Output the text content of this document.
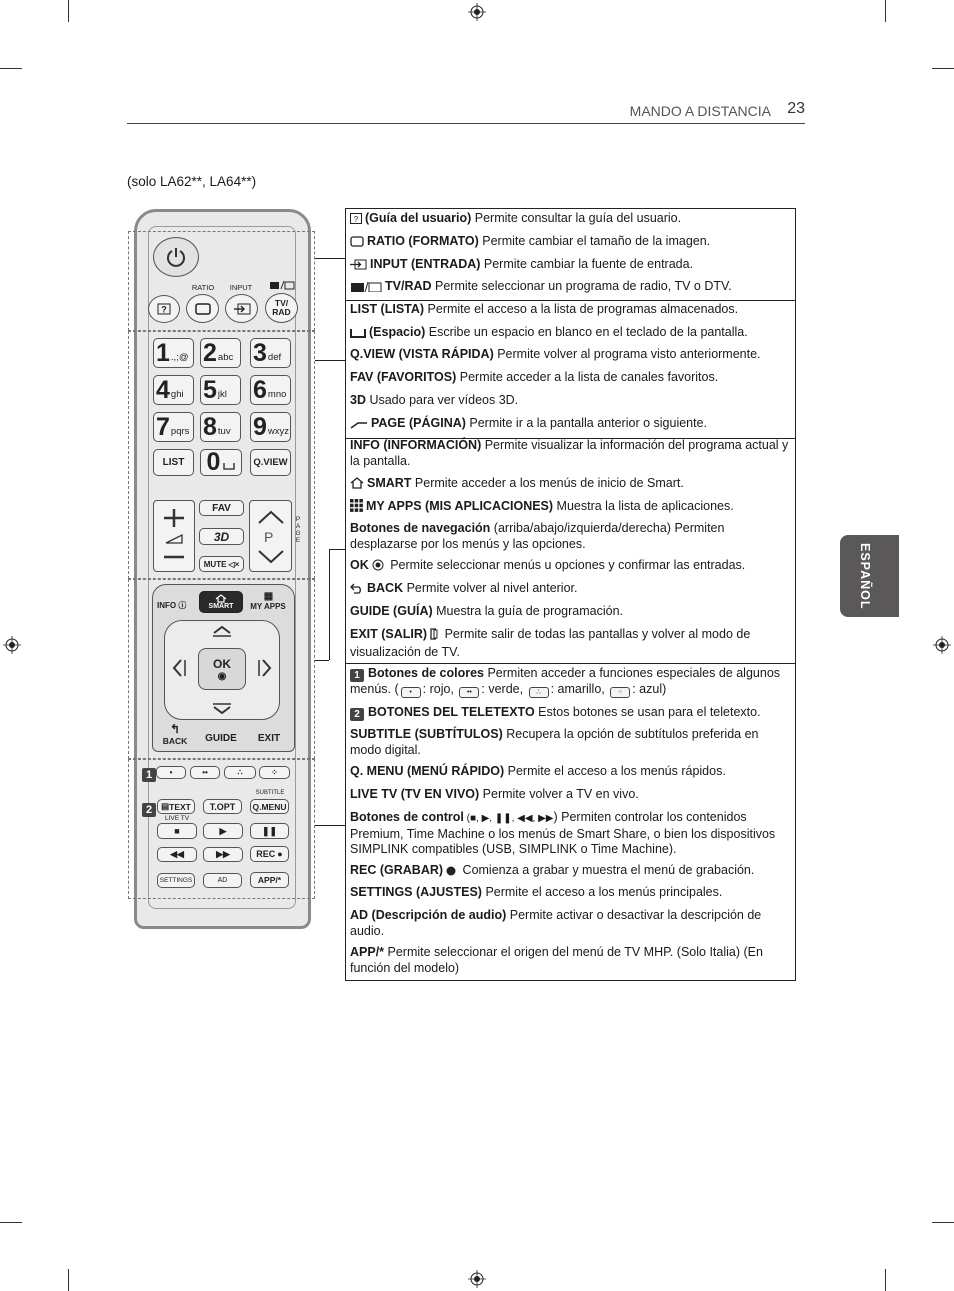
MANDO A DISTANCIA 23
(solo LA62**, LA64**)
ESPAÑOL
RATIO	INPUT
?
TV/
RAD
1 .,;@ 2 abc 3 def
4 ghi 5 jkl 6 mno
7 pqrs 8 tuv 9 wxyz
LIST 0	Q.VIEW
FAV
3D
MUTE ◁×
P
PAGE
INFO ⓘ	SMART
▦
MY APPS
OK
◉
↰
BACK	GUIDE	EXIT
1	•	••	∴	⁘
2	▤ TEXT
LIVE TV
T.OPT
SUBTITLE
Q.MENU
■	▶	❚❚
◀◀	▶▶	REC ●
SETTINGS	AD	APP/*
? (Guía del usuario) Permite consultar la guía del usuario.
RATIO (FORMATO) Permite cambiar el tamaño de la imagen.
INPUT (ENTRADA) Permite cambiar la fuente de entrada.
TV/RAD Permite seleccionar un programa de radio, TV o DTV.
LIST (LISTA) Permite el acceso a la lista de programas almacenados.
(Espacio) Escribe un espacio en blanco en el teclado de la pantalla.
Q.VIEW (VISTA RÁPIDA) Permite volver al programa visto anteriormente.
FAV (FAVORITOS) Permite acceder a la lista de canales favoritos.
3D Usado para ver vídeos 3D.
PAGE (PÁGINA) Permite ir a la pantalla anterior o siguiente.
INFO (INFORMACIÓN) Permite visualizar la información del programa actual y la pantalla.
SMART Permite acceder a los menús de inicio de Smart.
MY APPS (MIS APLICACIONES) Muestra la lista de aplicaciones.
Botones de navegación (arriba/abajo/izquierda/derecha) Permiten desplazarse por los menús y las opciones.
OK Permite seleccionar menús u opciones y confirmar las entradas.
BACK Permite volver al nivel anterior.
GUIDE (GUÍA) Muestra la guía de programación.
EXIT (SALIR) Permite salir de todas las pantallas y volver al modo de visualización de TV.
1 Botones de colores Permiten acceder a funciones especiales de algunos menús. ( • : rojo, •• : verde, ∴ : amarillo, ⁘ : azul)
2 BOTONES DEL TELETEXTO Estos botones se usan para el teletexto.
SUBTITLE (SUBTÍTULOS) Recupera la opción de subtítulos preferida en modo digital.
Q. MENU (MENÚ RÁPIDO) Permite el acceso a los menús rápidos.
LIVE TV (TV EN VIVO) Permite volver a TV en vivo.
Botones de control (■, ▶, ❚❚, ◀◀, ▶▶) Permiten controlar los contenidos Premium, Time Machine o los menús de Smart Share, o bien los dispositivos SIMPLINK compatibles (USB, SIMPLINK o Time Machine).
REC (GRABAR) Comienza a grabar y muestra el menú de grabación.
SETTINGS (AJUSTES) Permite el acceso a los menús principales.
AD (Descripción de audio) Permite activar o desactivar la descripción de audio.
APP/* Permite seleccionar el origen del menú de TV MHP. (Solo Italia) (En función del modelo)
